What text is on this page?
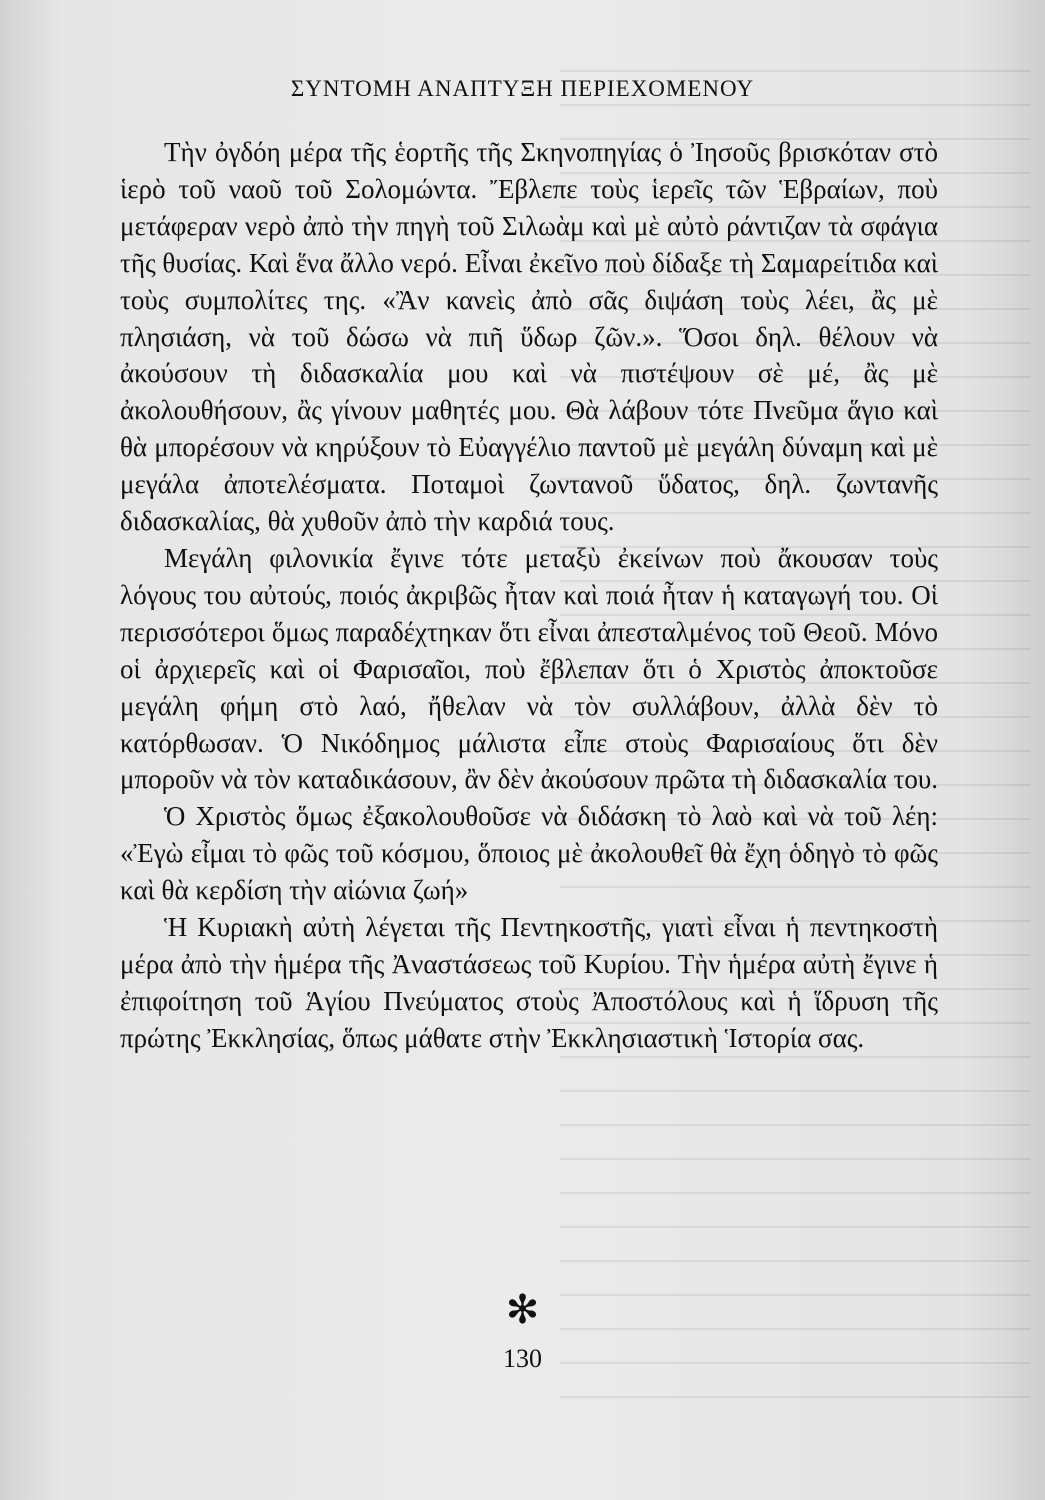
ΣΥΝΤΟΜΗ ΑΝΑΠΤΥΞΗ ΠΕΡΙΕΧΟΜΕΝΟΥ

Τὴν ὀγδόη μέρα τῆς ἑορτῆς τῆς Σκηνοπηγίας ὁ Ἰησοῦς βρισκόταν στὸ ἱερὸ τοῦ ναοῦ τοῦ Σολομώντα. Ἔβλεπε τοὺς ἱερεῖς τῶν Ἑβραίων, ποὺ μετάφεραν νερὸ ἀπὸ τὴν πηγὴ τοῦ Σιλωὰμ καὶ μὲ αὐτὸ ράντιζαν τὰ σφάγια τῆς θυσίας. Καὶ ἕνα ἄλλο νερό. Εἶναι ἐκεῖνο ποὺ δίδαξε τὴ Σαμαρείτιδα καὶ τοὺς συμπολίτες της. «Ἂν κανεὶς ἀπὸ σᾶς διψάση τοὺς λέει, ἂς μὲ πλησιάση, νὰ τοῦ δώσω νὰ πιῆ ὕδωρ ζῶν.». Ὅσοι δηλ. θέλουν νὰ ἀκούσουν τὴ διδασκαλία μου καὶ νὰ πιστέψουν σὲ μέ, ἂς μὲ ἀκολουθήσουν, ἂς γίνουν μαθητές μου. Θὰ λάβουν τότε Πνεῦμα ἅγιο καὶ θὰ μπορέσουν νὰ κηρύξουν τὸ Εὐαγγέλιο παντοῦ μὲ μεγάλη δύναμη καὶ μὲ μεγάλα ἀποτελέσματα. Ποταμοὶ ζωντανοῦ ὕδατος, δηλ. ζωντανῆς διδασκαλίας, θὰ χυθοῦν ἀπὸ τὴν καρδιά τους.

Μεγάλη φιλονικία ἔγινε τότε μεταξὺ ἐκείνων ποὺ ἄκουσαν τοὺς λόγους του αὐτούς, ποιός ἀκριβῶς ἦταν καὶ ποιά ἦταν ἡ καταγωγή του. Οἱ περισσότεροι ὅμως παραδέχτηκαν ὅτι εἶναι ἀπεσταλμένος τοῦ Θεοῦ. Μόνο οἱ ἀρχιερεῖς καὶ οἱ Φαρισαῖοι, ποὺ ἔβλεπαν ὅτι ὁ Χριστὸς ἀποκτοῦσε μεγάλη φήμη στὸ λαό, ἤθελαν νὰ τὸν συλλάβουν, ἀλλὰ δὲν τὸ κατόρθωσαν. Ὁ Νικόδημος μάλιστα εἶπε στοὺς Φαρισαίους ὅτι δὲν μποροῦν νὰ τὸν καταδικάσουν, ἂν δὲν ἀκούσουν πρῶτα τὴ διδασκαλία του.

Ὁ Χριστὸς ὅμως ἐξακολουθοῦσε νὰ διδάσκη τὸ λαὸ καὶ νὰ τοῦ λέη: «Ἐγὼ εἶμαι τὸ φῶς τοῦ κόσμου, ὅποιος μὲ ἀκολουθεῖ θὰ ἔχη ὁδηγὸ τὸ φῶς καὶ θὰ κερδίση τὴν αἰώνια ζωή»

Ἡ Κυριακὴ αὐτὴ λέγεται τῆς Πεντηκοστῆς, γιατὶ εἶναι ἡ πεντηκοστὴ μέρα ἀπὸ τὴν ἡμέρα τῆς Ἀναστάσεως τοῦ Κυρίου. Τὴν ἡμέρα αὐτὴ ἔγινε ἡ ἐπιφοίτηση τοῦ Ἁγίου Πνεύματος στοὺς Ἀποστόλους καὶ ἡ ἵδρυση τῆς πρώτης Ἐκκλησίας, ὅπως μάθατε στὴν Ἐκκλησιαστικὴ Ἱστορία σας.

✻
130
